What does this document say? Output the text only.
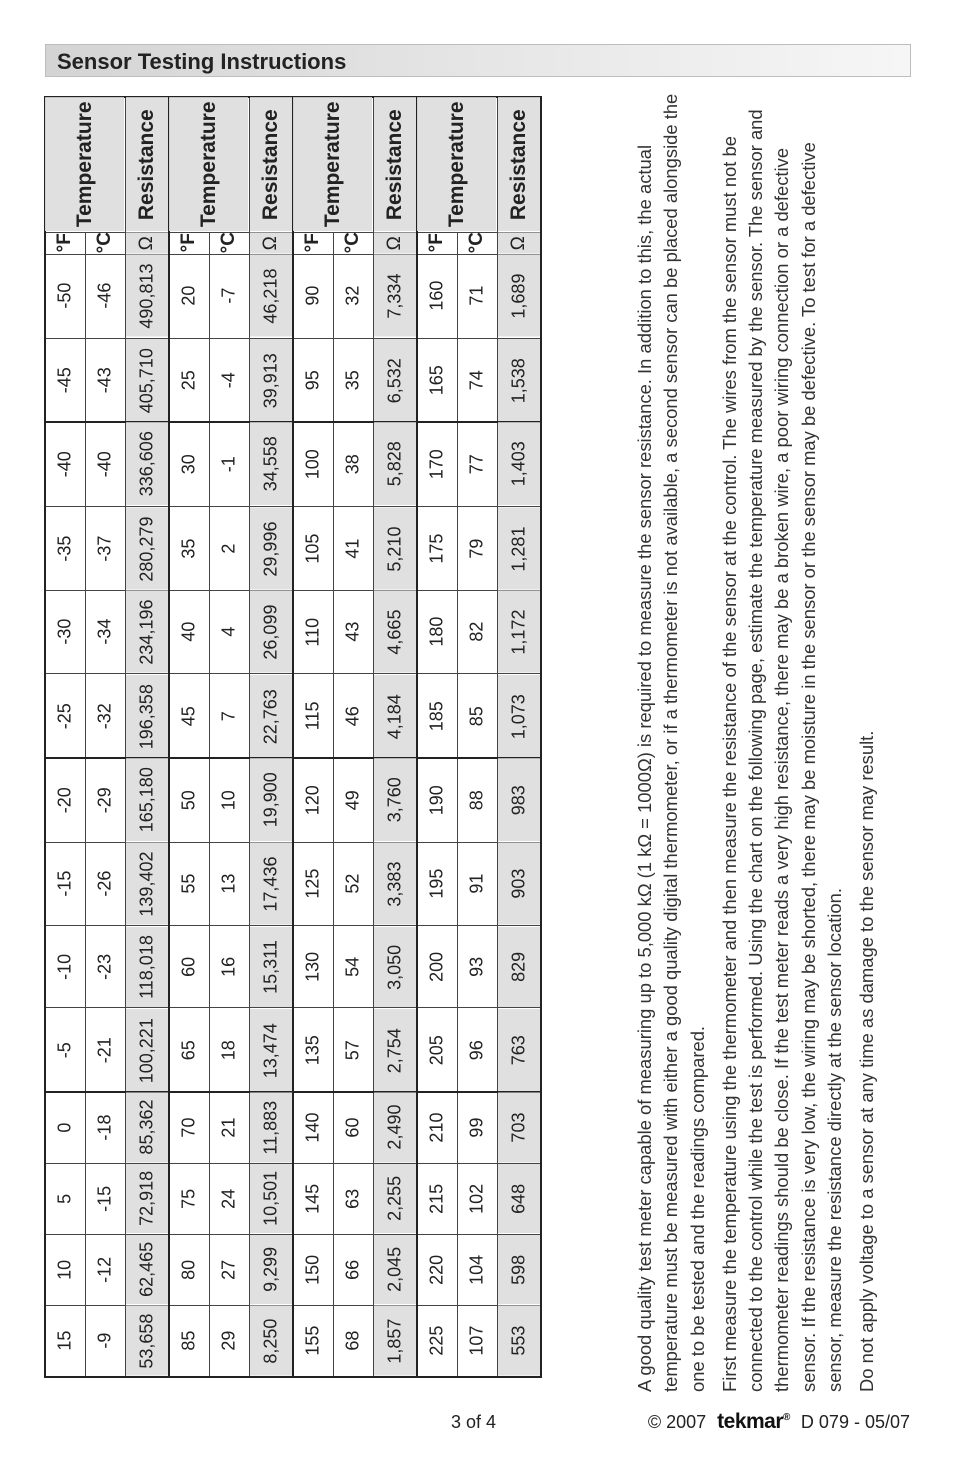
Sensor Testing Instructions
Temperature		Resistance	Temperature		Resistance	Temperature		Resistance	Temperature		Resistance
°F	°C	Ω	°F	°C	Ω	°F	°C	Ω	°F	°C	Ω
-50	-46	490,813	20	-7	46,218	90	32	7,334	160	71	1,689
-45	-43	405,710	25	-4	39,913	95	35	6,532	165	74	1,538
-40	-40	336,606	30	-1	34,558	100	38	5,828	170	77	1,403
-35	-37	280,279	35	2	29,996	105	41	5,210	175	79	1,281
-30	-34	234,196	40	4	26,099	110	43	4,665	180	82	1,172
-25	-32	196,358	45	7	22,763	115	46	4,184	185	85	1,073
-20	-29	165,180	50	10	19,900	120	49	3,760	190	88	983
-15	-26	139,402	55	13	17,436	125	52	3,383	195	91	903
-10	-23	118,018	60	16	15,311	130	54	3,050	200	93	829
-5	-21	100,221	65	18	13,474	135	57	2,754	205	96	763
0	-18	85,362	70	21	11,883	140	60	2,490	210	99	703
5	-15	72,918	75	24	10,501	145	63	2,255	215	102	648
10	-12	62,465	80	27	9,299	150	66	2,045	220	104	598
15	-9	53,658	85	29	8,250	155	68	1,857	225	107	553	A good quality test meter capable of measuring up to 5,000 kΩ (1 kΩ = 1000Ω) is required to measure the sensor resistance. In addition to this, the actual temperature must be measured with either a good quality digital thermometer, or if a thermometer is not available, a second sensor can be placed alongside the one to be tested and the readings compared. First measure the temperature using the thermometer and then measure the resistance of the sensor at the control. The wires from the sensor must not be connected to the control while the test is performed. Using the chart on the following page, estimate the temperature measured by the sensor. The sensor and thermometer readings should be close. If the test meter reads a very high resistance, there may be a broken wire, a poor wiring connection or a defective sensor. If the resistance is very low, the wiring may be shorted, there may be moisture in the sensor or the sensor may be defective. To test for a defective sensor, measure the resistance directly at the sensor location. Do not apply voltage to a sensor at any time as damage to the sensor may result.

3 of 4	© 2007 tekmar® D 079 - 05/07
